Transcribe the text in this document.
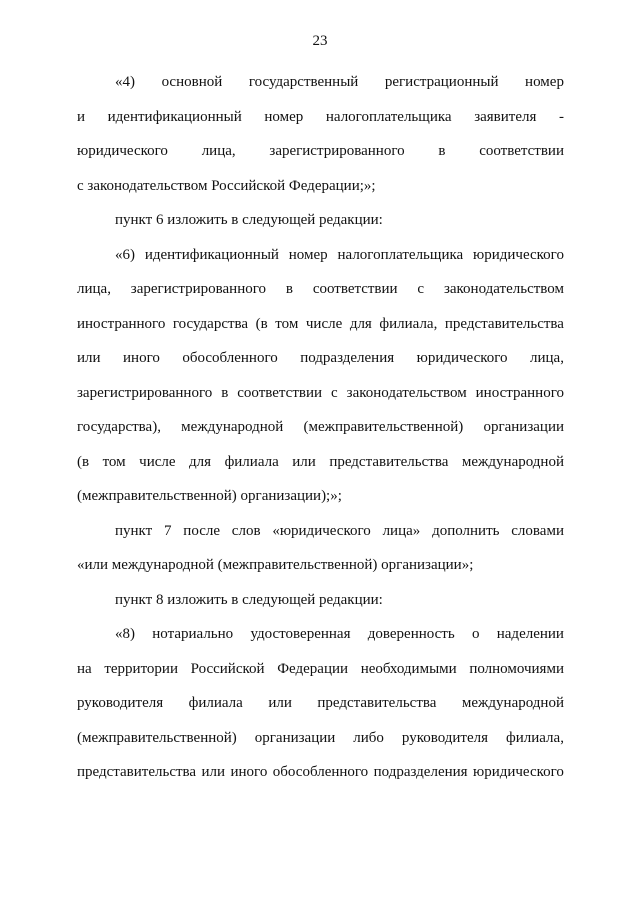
23
«4) основной государственный регистрационный номер
и идентификационный номер налогоплательщика заявителя -
юридического лица, зарегистрированного в соответствии
с законодательством Российской Федерации;»;
пункт 6 изложить в следующей редакции:
«6) идентификационный номер налогоплательщика юридического
лица, зарегистрированного в соответствии с законодательством
иностранного государства (в том числе для филиала, представительства
или иного обособленного подразделения юридического лица,
зарегистрированного в соответствии с законодательством иностранного
государства), международной (межправительственной) организации
(в том числе для филиала или представительства международной
(межправительственной) организации);»;
пункт 7 после слов «юридического лица» дополнить словами
«или международной (межправительственной) организации»;
пункт 8 изложить в следующей редакции:
«8) нотариально удостоверенная доверенность о наделении
на территории Российской Федерации необходимыми полномочиями
руководителя филиала или представительства международной
(межправительственной) организации либо руководителя филиала,
представительства или иного обособленного подразделения юридического
